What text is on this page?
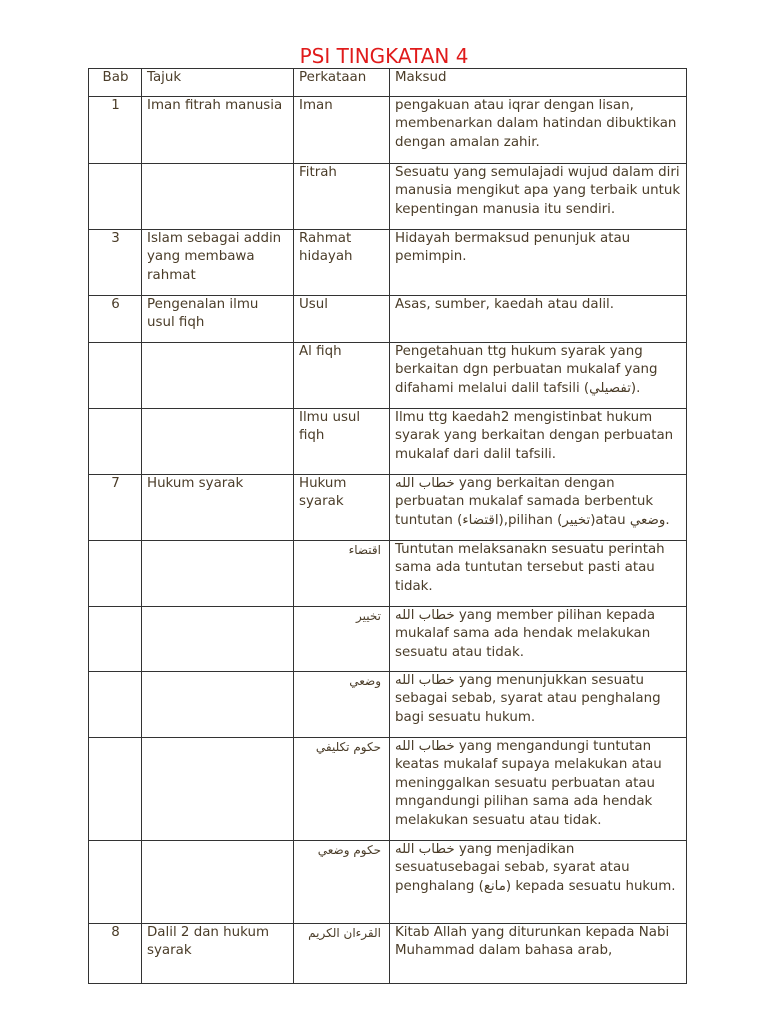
PSI TINGKATAN 4
Bab	Tajuk	Perkataan	Maksud
1	Iman fitrah manusia	Iman	pengakuan atau iqrar dengan lisan, membenarkan dalam hatindan dibuktikan dengan amalan zahir.
		Fitrah	Sesuatu yang semulajadi wujud dalam diri manusia mengikut apa yang terbaik untuk kepentingan manusia itu sendiri.
3	Islam sebagai addin yang membawa rahmat	Rahmat hidayah	Hidayah bermaksud penunjuk atau pemimpin.
6	Pengenalan ilmu usul fiqh	Usul	Asas, sumber, kaedah atau dalil.
		Al fiqh	Pengetahuan ttg hukum syarak yang berkaitan dgn perbuatan mukalaf yang difahami melalui dalil tafsili (تفصيلي).
		Ilmu usul fiqh	Ilmu ttg kaedah2 mengistinbat hukum syarak yang berkaitan dengan perbuatan mukalaf dari dalil tafsili.
7	Hukum syarak	Hukum syarak	خطاب الله yang berkaitan dengan perbuatan mukalaf samada berbentuk tuntutan (اقتضاء),pilihan (تخيير)atau وضعي.
		اقتضاء	Tuntutan melaksanakn sesuatu perintah sama ada tuntutan tersebut pasti atau tidak.
		تخيير	خطاب الله yang member pilihan kepada mukalaf sama ada hendak melakukan sesuatu atau tidak.
		وضعي	خطاب الله yang menunjukkan sesuatu sebagai sebab, syarat atau penghalang bagi sesuatu hukum.
		حكوم تكليفي	خطاب الله yang mengandungi tuntutan keatas mukalaf supaya melakukan atau meninggalkan sesuatu perbuatan atau mngandungi pilihan sama ada hendak melakukan sesuatu atau tidak.
		حكوم وضعي	خطاب الله yang menjadikan sesuatusebagai sebab, syarat atau penghalang (مانع) kepada sesuatu hukum.
8	Dalil 2 dan hukum syarak	القرءان الكريم	Kitab Allah yang diturunkan kepada Nabi Muhammad dalam bahasa arab,
